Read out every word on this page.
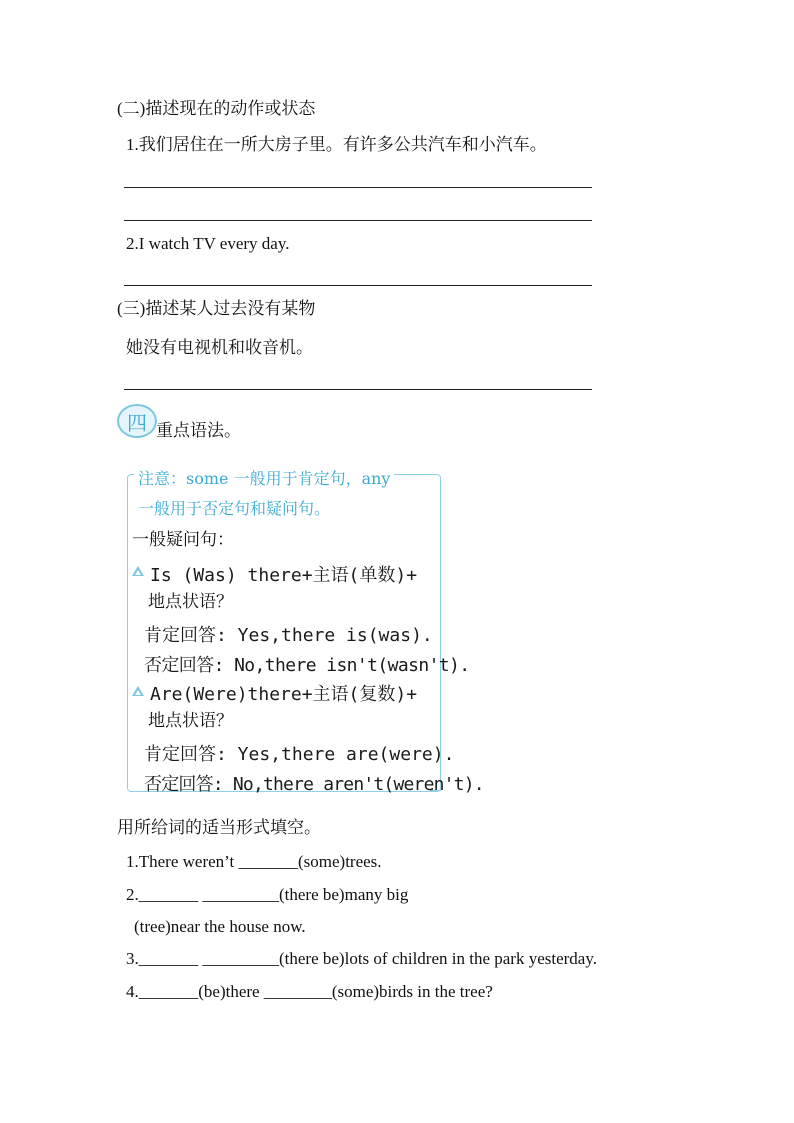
(二)描述现在的动作或状态
1.我们居住在一所大房子里。有许多公共汽车和小汽车。
2.I watch TV every day.
(三)描述某人过去没有某物
她没有电视机和收音机。
四 重点语法。
注意：some 一般用于肯定句，any
一般用于否定句和疑问句。
一般疑问句：
Is (Was) there+主语(单数)+
地点状语？
肯定回答: Yes,there is(was).
否定回答: No,there isn't(wasn't).
Are(Were)there+主语(复数)+
地点状语？
肯定回答: Yes,there are(were).
否定回答: No,there aren't(weren't).
用所给词的适当形式填空。
1.There weren’t _______(some)trees.
2._______ _________(there be)many big
(tree)near the house now.
3._______ _________(there be)lots of children in the park yesterday.
4._______(be)there ________(some)birds in the tree?
